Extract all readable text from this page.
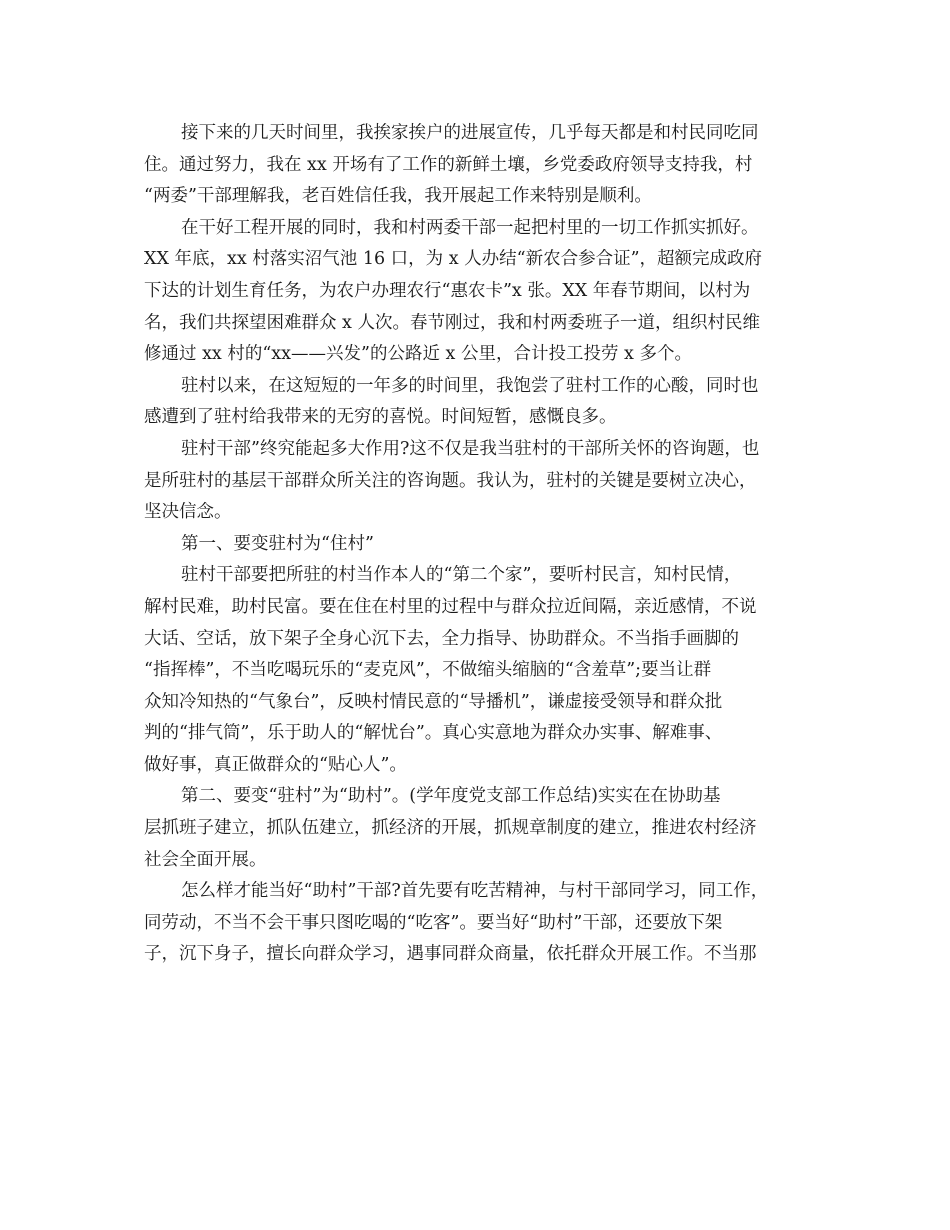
接下来的几天时间里，我挨家挨户的进展宣传，几乎每天都是和村民同吃同
住。通过努力，我在 xx 开场有了工作的新鲜土壤，乡党委政府领导支持我，村
“两委”干部理解我，老百姓信任我，我开展起工作来特别是顺利。
在干好工程开展的同时，我和村两委干部一起把村里的一切工作抓实抓好。
XX 年底，xx 村落实沼气池 16 口，为 x 人办结“新农合参合证”，超额完成政府
下达的计划生育任务，为农户办理农行“惠农卡”x 张。XX 年春节期间，以村为
名，我们共探望困难群众 x 人次。春节刚过，我和村两委班子一道，组织村民维
修通过 xx 村的“xx——兴发”的公路近 x 公里，合计投工投劳 x 多个。
驻村以来，在这短短的一年多的时间里，我饱尝了驻村工作的心酸，同时也
感遭到了驻村给我带来的无穷的喜悦。时间短暂，感慨良多。
驻村干部”终究能起多大作用?这不仅是我当驻村的干部所关怀的咨询题，也
是所驻村的基层干部群众所关注的咨询题。我认为，驻村的关键是要树立决心，
坚决信念。
第一、要变驻村为“住村”
驻村干部要把所驻的村当作本人的“第二个家”，要听村民言，知村民情，
解村民难，助村民富。要在住在村里的过程中与群众拉近间隔，亲近感情，不说
大话、空话，放下架子全身心沉下去，全力指导、协助群众。不当指手画脚的
“指挥棒”，不当吃喝玩乐的“麦克风”，不做缩头缩脑的“含羞草”;要当让群
众知冷知热的“气象台”，反映村情民意的“导播机”，谦虚接受领导和群众批
判的“排气筒”，乐于助人的“解忧台”。真心实意地为群众办实事、解难事、
做好事，真正做群众的“贴心人”。
第二、要变“驻村”为“助村”。(学年度党支部工作总结)实实在在协助基
层抓班子建立，抓队伍建立，抓经济的开展，抓规章制度的建立，推进农村经济
社会全面开展。
怎么样才能当好“助村”干部?首先要有吃苦精神，与村干部同学习，同工作，
同劳动，不当不会干事只图吃喝的“吃客”。要当好“助村”干部，还要放下架
子，沉下身子，擅长向群众学习，遇事同群众商量，依托群众开展工作。不当那
